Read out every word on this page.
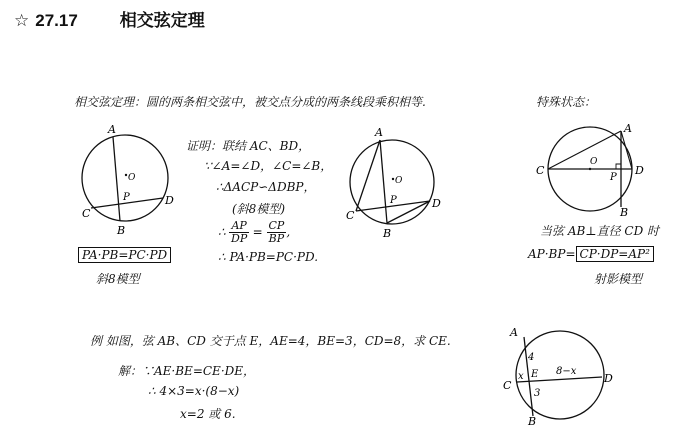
☆ 27.17 相交弦定理
相交弦定理：圆的两条相交弦中，被交点分成的两条线段乘积相等.	特殊状态：
A
O
P
C
D
B
PA·PB=PC·PD
斜8模型
证明：联结 AC、BD，
∵∠A=∠D，∠C=∠B，
∴ΔACP∽ΔDBP，
(斜8模型)
∴ $\frac{AP}{DP} = \frac{CP}{BP}$ ,
∴ PA·PB=PC·PD.
A
O
P
C
D
B
A
O
P
C	D
B
当弦 AB⊥直径 CD 时
AP·BP= CP·DP=AP²
射影模型
例 如图，弦 AB、CD 交于点 E，AE=4，BE=3，CD=8，求 CE.
解：∵AE·BE=CE·DE，
∴ 4×3=x·(8−x)
x=2 或 6.
A
4
x E 8−x
C
D
3
B
